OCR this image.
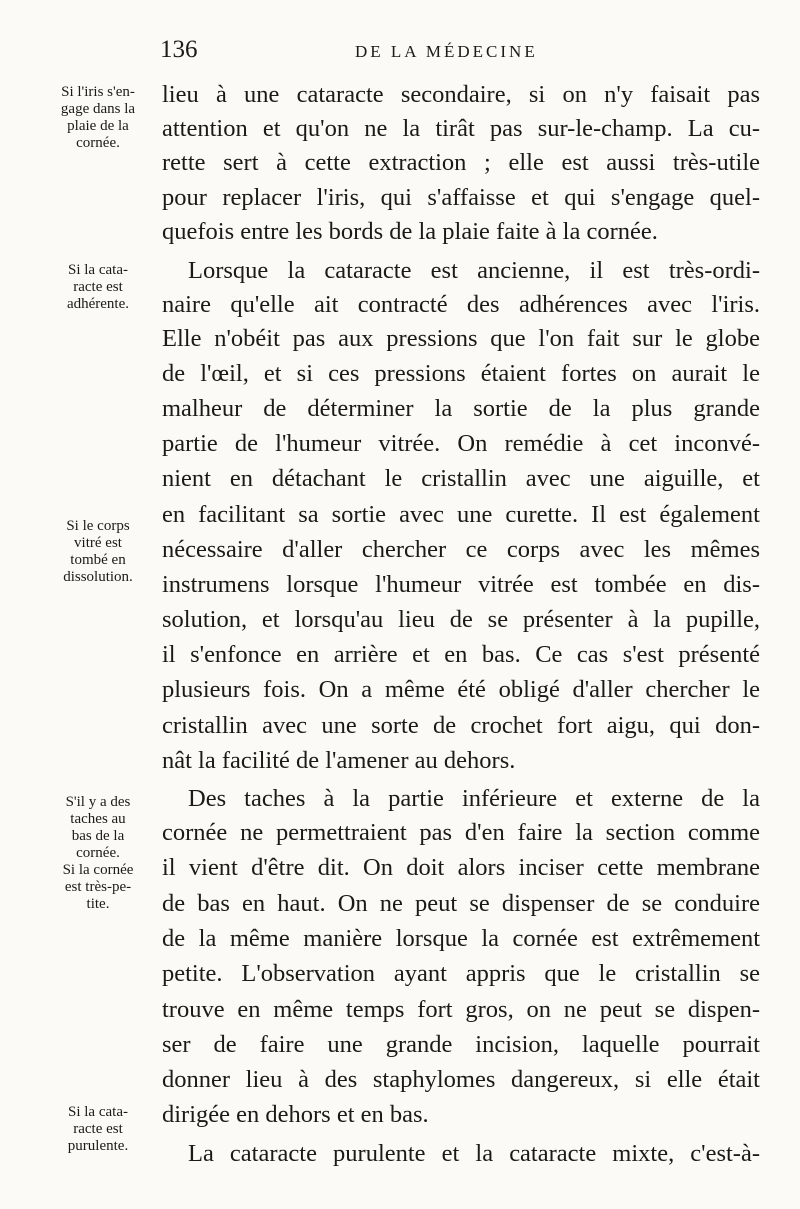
136	DE LA MÉDECINE
Si l'iris s'en-
gage dans la
plaie de la
cornée.
Si la cata-
racte est
adhérente.
Si le corps
vitré est
tombé en
dissolution.
S'il y a des
taches au
bas de la
cornée.
Si la cornée
est très-pe-
tite.
Si la cata-
racte est
purulente.
lieu à une cataracte secondaire, si on n'y faisait pas
attention et qu'on ne la tirât pas sur-le-champ. La cu-
rette sert à cette extraction ; elle est aussi très-utile
pour replacer l'iris, qui s'affaisse et qui s'engage quel-
quefois entre les bords de la plaie faite à la cornée.
Lorsque la cataracte est ancienne, il est très-ordi-
naire qu'elle ait contracté des adhérences avec l'iris.
Elle n'obéit pas aux pressions que l'on fait sur le globe
de l'œil, et si ces pressions étaient fortes on aurait le
malheur de déterminer la sortie de la plus grande
partie de l'humeur vitrée. On remédie à cet inconvé-
nient en détachant le cristallin avec une aiguille, et
en facilitant sa sortie avec une curette. Il est également
nécessaire d'aller chercher ce corps avec les mêmes
instrumens lorsque l'humeur vitrée est tombée en dis-
solution, et lorsqu'au lieu de se présenter à la pupille,
il s'enfonce en arrière et en bas. Ce cas s'est présenté
plusieurs fois. On a même été obligé d'aller chercher le
cristallin avec une sorte de crochet fort aigu, qui don-
nât la facilité de l'amener au dehors.
Des taches à la partie inférieure et externe de la
cornée ne permettraient pas d'en faire la section comme
il vient d'être dit. On doit alors inciser cette membrane
de bas en haut. On ne peut se dispenser de se conduire
de la même manière lorsque la cornée est extrêmement
petite. L'observation ayant appris que le cristallin se
trouve en même temps fort gros, on ne peut se dispen-
ser de faire une grande incision, laquelle pourrait
donner lieu à des staphylomes dangereux, si elle était
dirigée en dehors et en bas.
La cataracte purulente et la cataracte mixte, c'est-à-
